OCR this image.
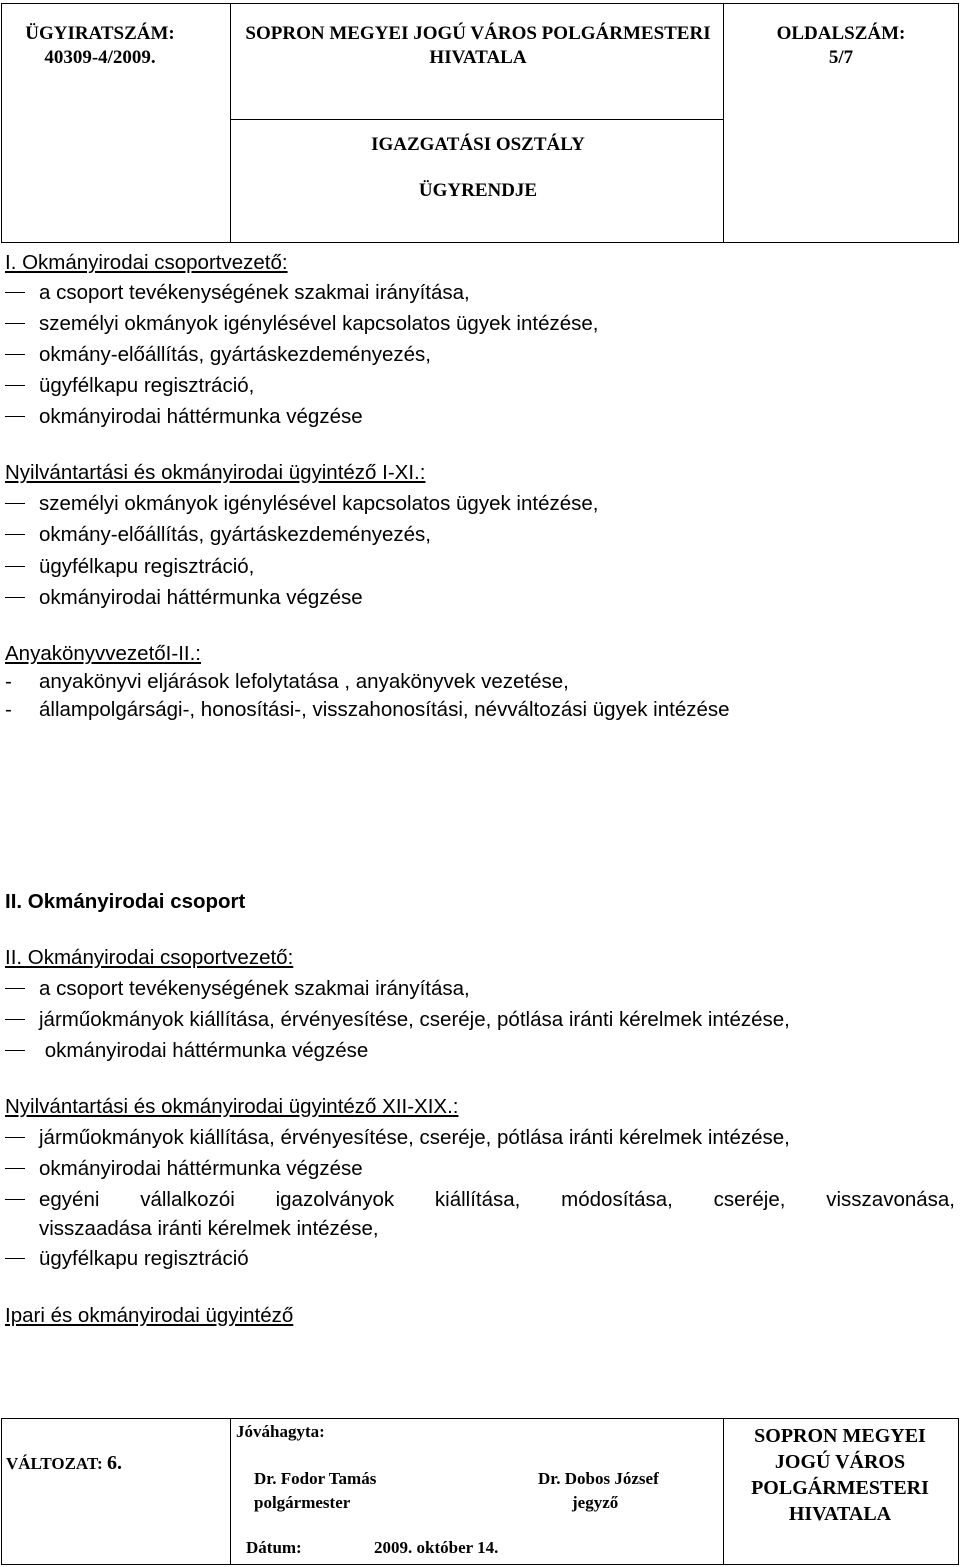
ÜGYIRATSZÁM:
40309-4/2009.
SOPRON MEGYEI JOGÚ VÁROS POLGÁRMESTERI
HIVATALA
IGAZGATÁSI OSZTÁLY
ÜGYRENDJE
OLDALSZÁM:
5/7
I. Okmányirodai csoportvezető:
a csoport tevékenységének szakmai irányítása,
személyi okmányok igénylésével kapcsolatos ügyek intézése,
okmány-előállítás, gyártáskezdeményezés,
ügyfélkapu regisztráció,
okmányirodai háttérmunka végzése
Nyilvántartási és okmányirodai ügyintéző I-XI.:
személyi okmányok igénylésével kapcsolatos ügyek intézése,
okmány-előállítás, gyártáskezdeményezés,
ügyfélkapu regisztráció,
okmányirodai háttérmunka végzése
AnyakönyvvezetőI-II.:
- anyakönyvi eljárások lefolytatása , anyakönyvek vezetése,
- állampolgársági-, honosítási-, visszahonosítási, névváltozási ügyek intézése
II. Okmányirodai csoport
II. Okmányirodai csoportvezető:
a csoport tevékenységének szakmai irányítása,
járműokmányok kiállítása, érvényesítése, cseréje, pótlása iránti kérelmek intézése,
okmányirodai háttérmunka végzése
Nyilvántartási és okmányirodai ügyintéző XII-XIX.:
járműokmányok kiállítása, érvényesítése, cseréje, pótlása iránti kérelmek intézése,
okmányirodai háttérmunka végzése
egyéni vállalkozói igazolványok kiállítása, módosítása, cseréje, visszavonása,
visszaadása iránti kérelmek intézése,
ügyfélkapu regisztráció
Ipari és okmányirodai ügyintéző
VÁLTOZAT: 6.
Jóváhagyta:
Dr. Fodor Tamás
polgármester
Dr. Dobos József
jegyző
Dátum:	2009. október 14.
SOPRON MEGYEI JOGÚ VÁROS POLGÁRMESTERI HIVATALA
